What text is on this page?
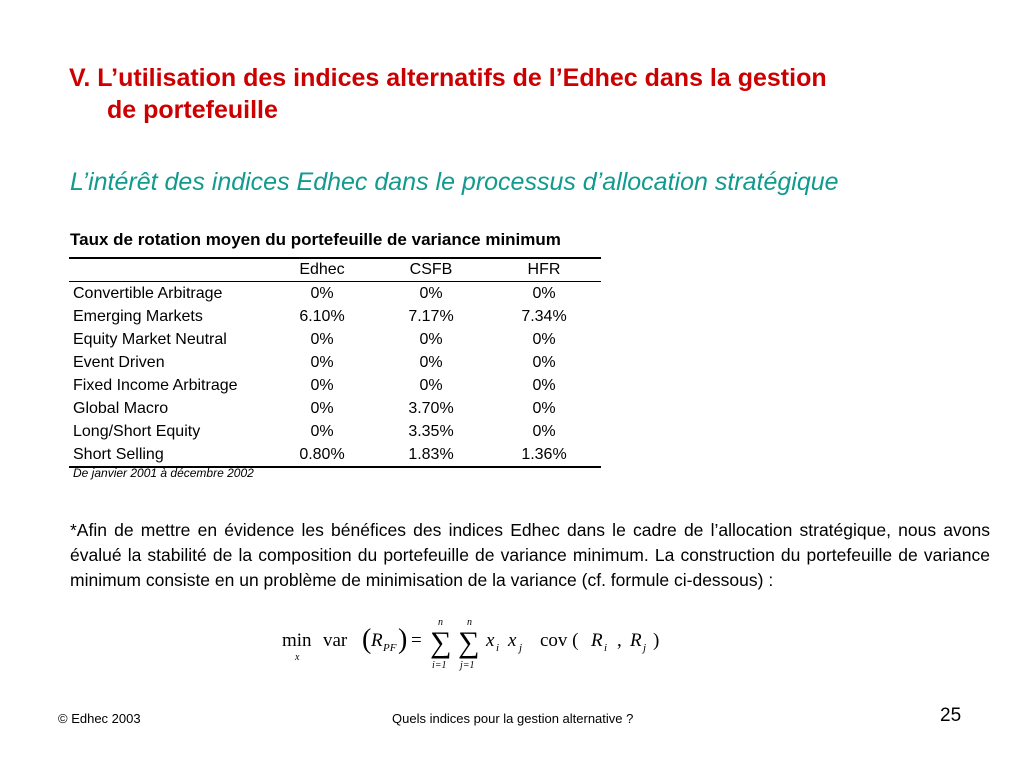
V. L’utilisation des indices alternatifs de l’Edhec dans la gestion
de portefeuille
L’intérêt des indices Edhec dans le processus d’allocation stratégique
Taux de rotation moyen du portefeuille de variance minimum
	Edhec	CSFB	HFR
Convertible Arbitrage	0%	0%	0%
Emerging Markets	6.10%	7.17%	7.34%
Equity Market Neutral	0%	0%	0%
Event Driven	0%	0%	0%
Fixed Income Arbitrage	0%	0%	0%
Global Macro	0%	3.70%	0%
Long/Short Equity	0%	3.35%	0%
Short Selling	0.80%	1.83%	1.36%
De janvier 2001 à décembre 2002
*Afin de mettre en évidence les bénéfices des indices Edhec dans le cadre de l’allocation stratégique, nous avons évalué la stabilité de la composition du portefeuille de variance minimum. La construction du portefeuille de variance minimum consiste en un problème de minimisation de la variance (cf. formule ci-dessous) :
min
x
var ( R PF ) = ∑
n
i=1
∑
n
j=1
x i x j cov ( R i , R j )
© Edhec 2003	Quels indices pour la gestion alternative ?	25
